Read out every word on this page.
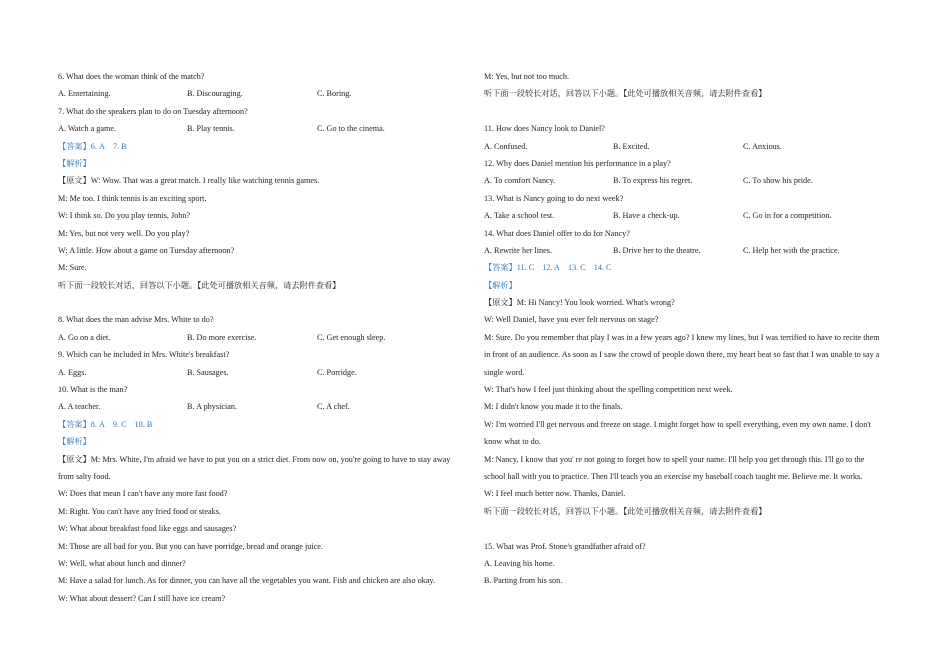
6. What does the woman think of the match?
A. Entertaining.	B. Discouraging.	C. Boring.
7. What do the speakers plan to do on Tuesday afternoon?
A. Watch a game.	B. Play tennis.	C. Go to the cinema.
【答案】6. A 7. B
【解析】
【原文】W: Wow. That was a great match. I really like watching tennis games.
M: Me too. I think tennis is an exciting sport.
W: I think so. Do you play tennis, John?
M: Yes, but not very well. Do you play?
W: A little. How about a game on Tuesday afternoon?
M: Sure.
听下面一段较长对话，回答以下小题。【此处可播放相关音频，请去附件查看】
8. What does the man advise Mrs. White to do?
A. Go on a diet.	B. Do more exercise.	C. Get enough sleep.
9. Which can be included in Mrs. White's breakfast?
A. Eggs.	B. Sausages.	C. Porridge.
10. What is the man?
A. A teacher.	B. A physician.	C. A chef.
【答案】8. A 9. C 10. B
【解析】
【原文】M: Mrs. White, I'm afraid we have to put you on a strict diet. From now on, you're going to have to stay away
from salty food.
W: Does that mean I can't have any more fast food?
M: Right. You can't have any fried food or steaks.
W: What about breakfast food like eggs and sausages?
M: Those are all bad for you. But you can have porridge, bread and orange juice.
W: Well, what about lunch and dinner?
M: Have a salad for lunch. As for dinner, you can have all the vegetables you want. Fish and chicken are also okay.
W: What about dessert? Can I still have ice cream?
M: Yes, but not too much.
听下面一段较长对话，回答以下小题。【此处可播放相关音频，请去附件查看】
11. How does Nancy look to Daniel?
A. Confused.	B. Excited.	C. Anxious.
12. Why does Daniel mention his performance in a play?
A. To comfort Nancy.	B. To express his regret.	C. To show his pride.
13. What is Nancy going to do next week?
A. Take a school test.	B. Have a check-up.	C. Go in for a competition.
14. What does Daniel offer to do for Nancy?
A. Rewrite her lines.	B. Drive her to the theatre.	C. Help her with the practice.
【答案】11. C 12. A 13. C 14. C
【解析】
【原文】M: Hi Nancy! You look worried. What's wrong?
W: Well Daniel, have you ever felt nervous on stage?
M: Sure. Do you remember that play I was in a few years ago? I knew my lines, but I was terrified to have to recite them
in front of an audience. As soon as I saw the crowd of people down there, my heart beat so fast that I was unable to say a
single word.
W: That's how I feel just thinking about the spelling competition next week.
M: I didn't know you made it to the finals.
W: I'm worried I'll get nervous and freeze on stage. I might forget how to spell everything, even my own name. I don't
know what to do.
M: Nancy, I know that you' re not going to forget how to spell your name. I'll help you get through this. I'll go to the
school hall with you to practice. Then I'll teach you an exercise my baseball coach taught me. Believe me. It works.
W: I feel much better now. Thanks, Daniel.
听下面一段较长对话，回答以下小题。【此处可播放相关音频，请去附件查看】
15. What was Prof. Stone's grandfather afraid of?
A. Leaving his home.
B. Parting from his son.
